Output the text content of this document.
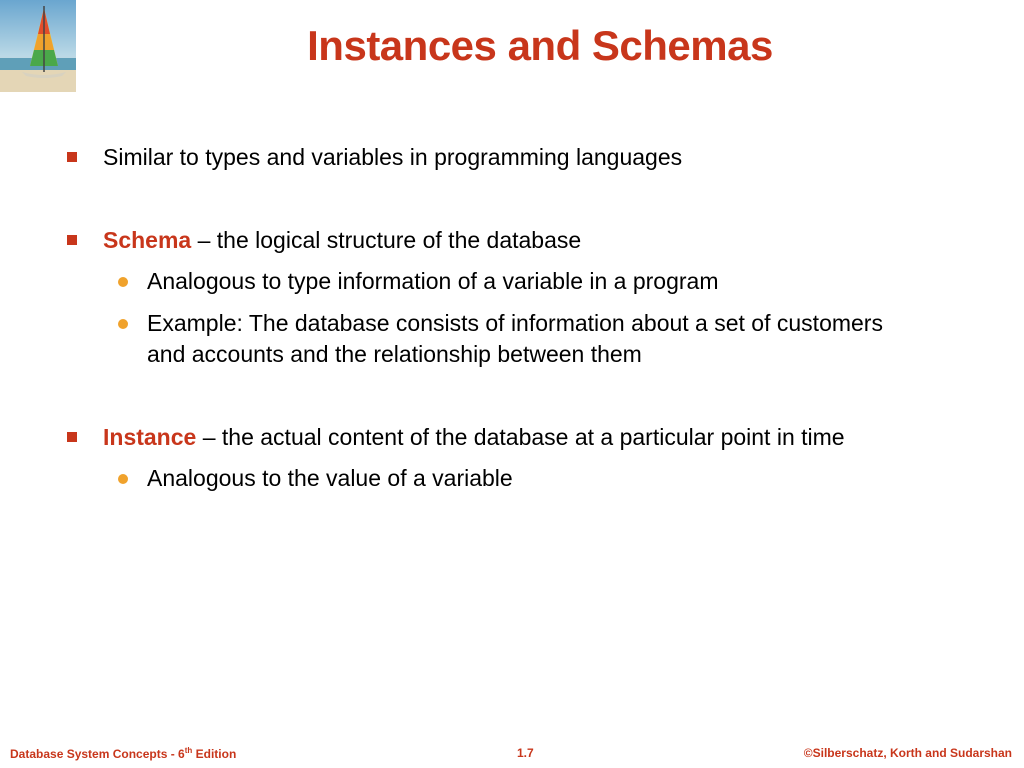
Instances and Schemas
Similar to types and variables in programming languages
Schema – the logical structure of the database
Analogous to type information of a variable in a program
Example: The database consists of information about a set of customers
and accounts and the relationship between them
Instance – the actual content of the database at a particular point in time
Analogous to the value of a variable
Database System Concepts - 6th Edition	1.7	©Silberschatz, Korth and Sudarshan
